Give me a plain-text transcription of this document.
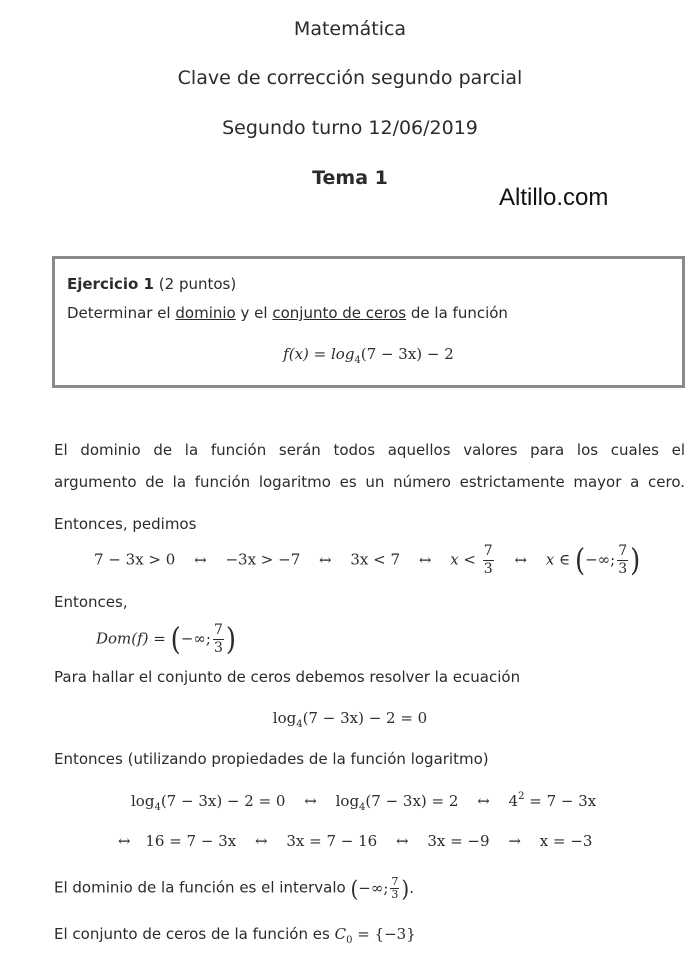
Matemática
Clave de corrección segundo parcial
Segundo turno 12/06/2019
Tema 1
Altillo.com
Ejercicio 1 (2 puntos)
Determinar el dominio y el conjunto de ceros de la función
$f(x) = \log_4(7 - 3x) - 2$
El dominio de la función serán todos aquellos valores para los cuales el
argumento de la función logaritmo es un número estrictamente mayor a cero.
Entonces, pedimos
7 − 3x > 0 ↔ −3x > −7 ↔ 3x < 7 ↔ $x < \frac{7}{3}$ ↔ x ∈ (−∞; $\frac{7}{3}$ )
Entonces,
Dom(f) = (−∞; $\frac{7}{3}$ )
Para hallar el conjunto de ceros debemos resolver la ecuación
$\log_4(7 - 3x) - 2 = 0$
Entonces (utilizando propiedades de la función logaritmo)
$\log_4(7 - 3x) - 2 = 0$ ↔ $\log_4(7 - 3x) = 2$ ↔ $4^2 = 7 - 3x$
↔ 16 = 7 − 3x ↔ 3x = 7 − 16 ↔ 3x = −9 → x = −3
El dominio de la función es el intervalo (−∞; $\frac{7}{3}$ ).
El conjunto de ceros de la función es $C_0 = \{-3\}$
